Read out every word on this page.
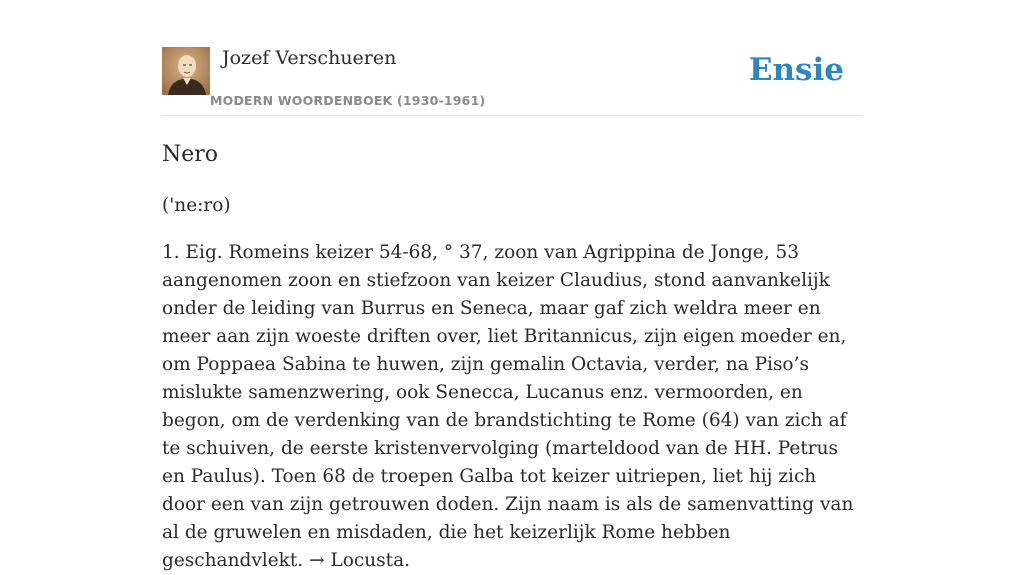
Jozef Verschueren
MODERN WOORDENBOEK (1930-1961)
Ensie
Nero
('ne:ro)

1. Eig. Romeins keizer 54-68, ° 37, zoon van Agrippina de Jonge, 53 aangenomen zoon en stiefzoon van keizer Claudius, stond aanvankelijk onder de leiding van Burrus en Seneca, maar gaf zich weldra meer en meer aan zijn woeste driften over, liet Britannicus, zijn eigen moeder en, om Poppaea Sabina te huwen, zijn gemalin Octavia, verder, na Piso’s mislukte samenzwering, ook Senecca, Lucanus enz. vermoorden, en begon, om de verdenking van de brandstichting te Rome (64) van zich af te schuiven, de eerste kristenvervolging (marteldood van de HH. Petrus en Paulus). Toen 68 de troepen Galba tot keizer uitriepen, liet hij zich door een van zijn getrouwen doden. Zijn naam is als de samenvatting van al de gruwelen en misdaden, die het keizerlijk Rome hebben geschandvlekt. → Locusta.
